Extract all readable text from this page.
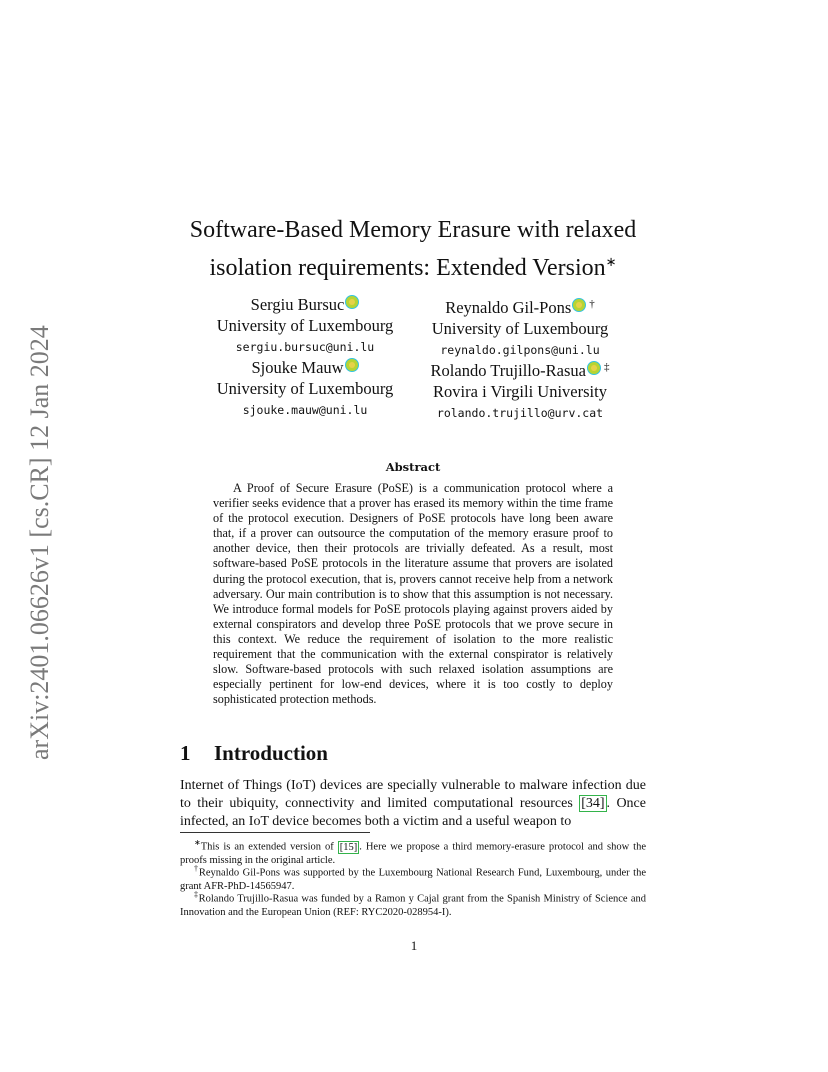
arXiv:2401.06626v1 [cs.CR] 12 Jan 2024
Software-Based Memory Erasure with relaxed
isolation requirements: Extended Version∗
Sergiu Bursuc
University of Luxembourg
sergiu.bursuc@uni.lu
Reynaldo Gil-Pons †
University of Luxembourg
reynaldo.gilpons@uni.lu
Sjouke Mauw
University of Luxembourg
sjouke.mauw@uni.lu
Rolando Trujillo-Rasua ‡
Rovira i Virgili University
rolando.trujillo@urv.cat
Abstract

A Proof of Secure Erasure (PoSE) is a communication protocol where a verifier seeks evidence that a prover has erased its memory within the time frame of the protocol execution. Designers of PoSE protocols have long been aware that, if a prover can outsource the computation of the memory erasure proof to another device, then their protocols are trivially defeated. As a result, most software-based PoSE protocols in the literature assume that provers are isolated during the protocol execution, that is, provers cannot receive help from a network adversary. Our main contribution is to show that this assumption is not necessary. We introduce formal models for PoSE protocols playing against provers aided by external conspirators and develop three PoSE protocols that we prove secure in this context. We reduce the requirement of isolation to the more realistic requirement that the communication with the external conspirator is relatively slow. Software-based protocols with such relaxed isolation assumptions are especially pertinent for low-end devices, where it is too costly to deploy sophisticated protection methods.

1 Introduction

Internet of Things (IoT) devices are specially vulnerable to malware infection due to their ubiquity, connectivity and limited computational resources [34] . Once infected, an IoT device becomes both a victim and a useful weapon to

∗This is an extended version of [15] . Here we propose a third memory-erasure protocol and show the proofs missing in the original article.

†Reynaldo Gil-Pons was supported by the Luxembourg National Research Fund, Luxembourg, under the grant AFR-PhD-14565947.

‡Rolando Trujillo-Rasua was funded by a Ramon y Cajal grant from the Spanish Ministry of Science and Innovation and the European Union (REF: RYC2020-028954-I).

1
